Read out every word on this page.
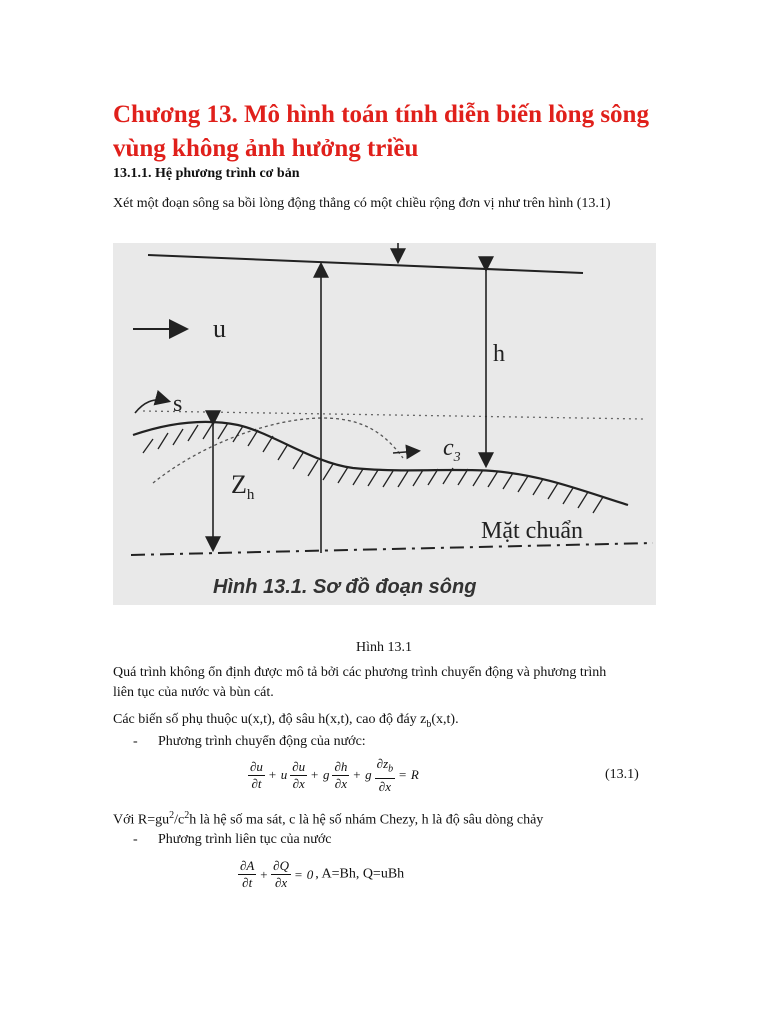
Chương 13. Mô hình toán tính diễn biến lòng sông
vùng không ảnh hưởng triều
13.1.1. Hệ phương trình cơ bản
Xét một đoạn sông sa bồi lòng động thẳng có một chiều rộng đơn vị như trên hình (13.1)
u
h
$Z_h$
s
$c_3$
Mặt chuẩn
Hình 13.1. Sơ đồ đoạn sông
Hình 13.1
Quá trình không ổn định được mô tả bởi các phương trình chuyển động và phương trình
liên tục của nước và bùn cát.
Các biến số phụ thuộc u(x,t), độ sâu h(x,t), cao độ đáy $z_b(x,t)$.
- Phương trình chuyển động của nước:
$\frac{\partial u}{\partial t} + u \frac{\partial u}{\partial x} + g \frac{\partial h}{\partial x} + g \frac{\partial z_b}{\partial x} = R$	(13.1)
Với $R=gu^2/c^2h$ là hệ số ma sát, c là hệ số nhám Chezy, h là độ sâu dòng chảy
- Phương trình liên tục của nước
$\frac{\partial A}{\partial t} + \frac{\partial Q}{\partial x} = 0$ , A=Bh, Q=uBh
